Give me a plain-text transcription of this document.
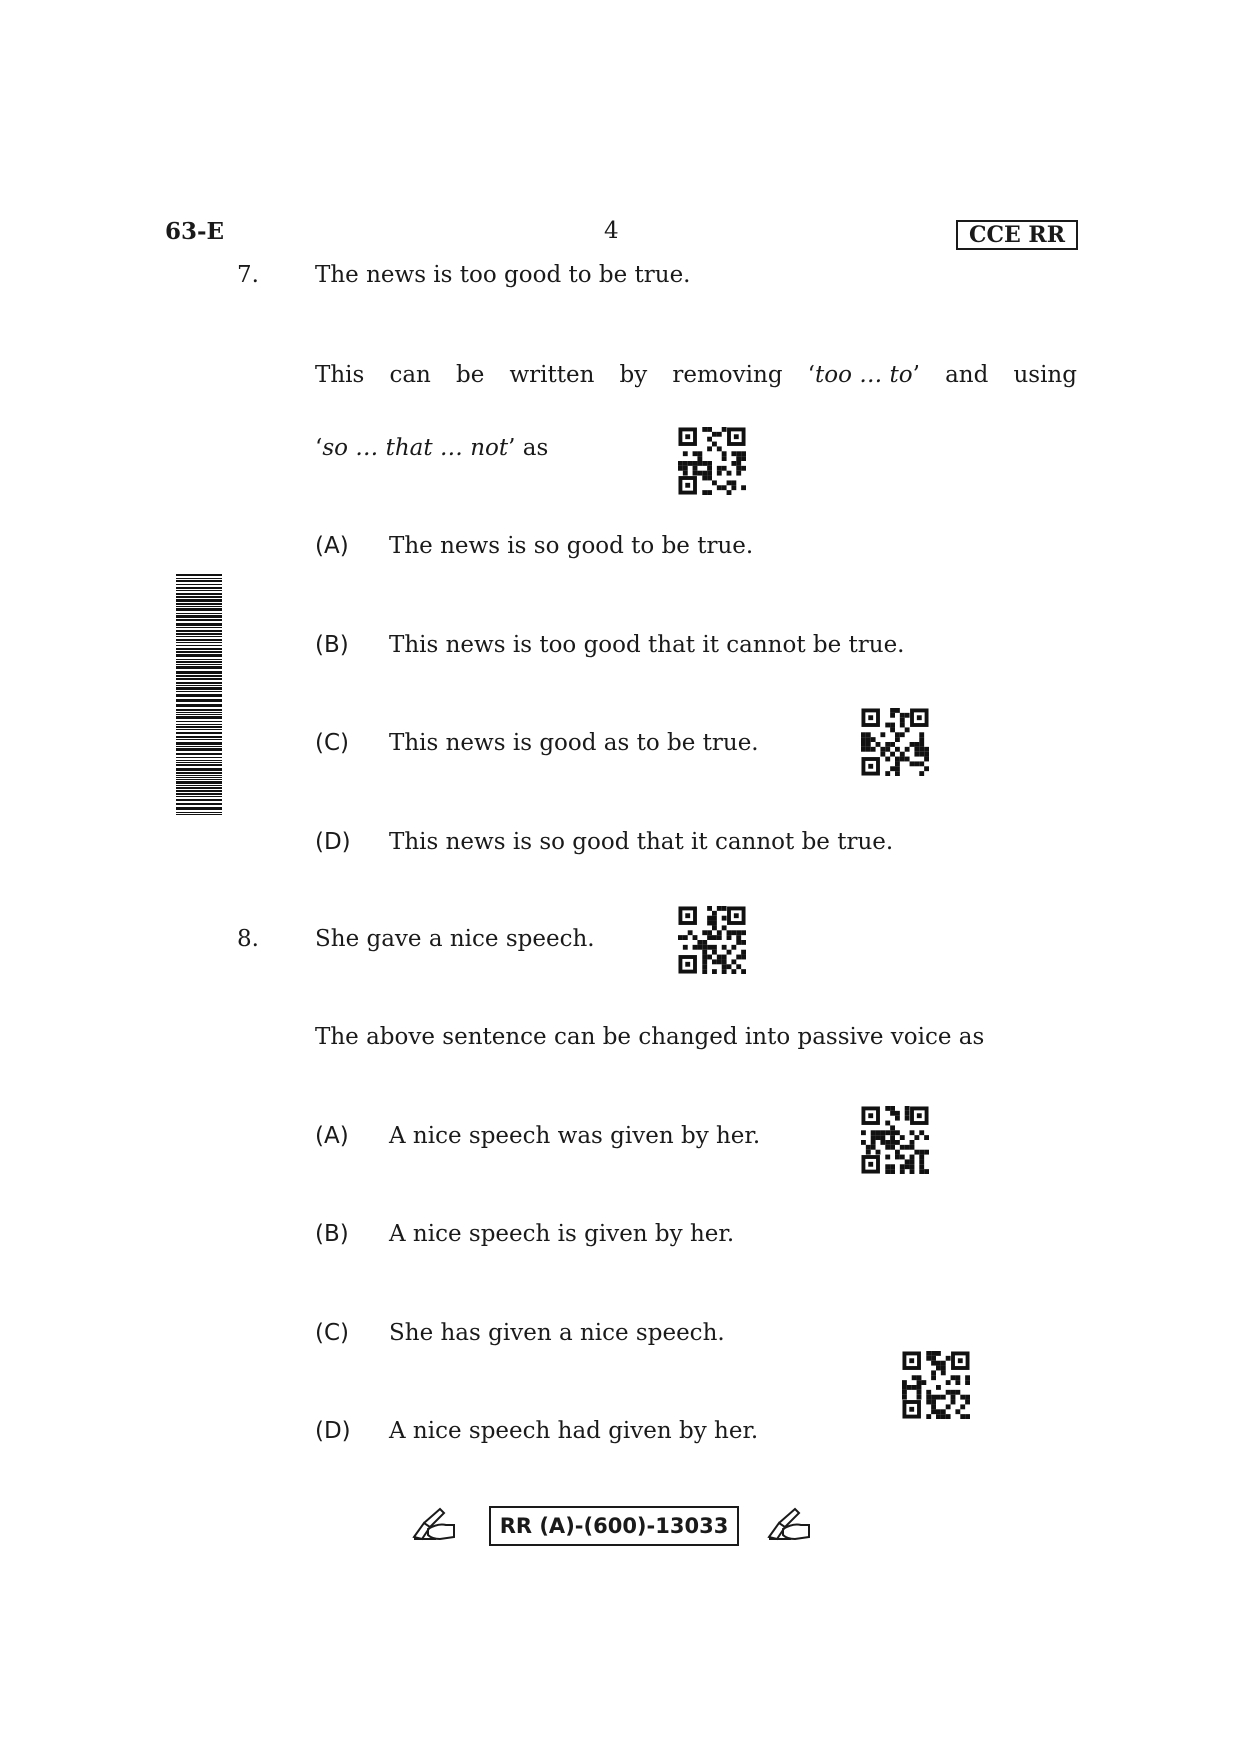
63-E	4	CCE RR
7. The news is too good to be true.
This can be written by removing ‘too … to’ and using
‘so … that … not’ as
(A) The news is so good to be true.
(B) This news is too good that it cannot be true.
(C) This news is good as to be true.
(D) This news is so good that it cannot be true.
8. She gave a nice speech.
The above sentence can be changed into passive voice as
(A) A nice speech was given by her.
(B) A nice speech is given by her.
(C) She has given a nice speech.
(D) A nice speech had given by her.
RR (A)-(600)-13033
